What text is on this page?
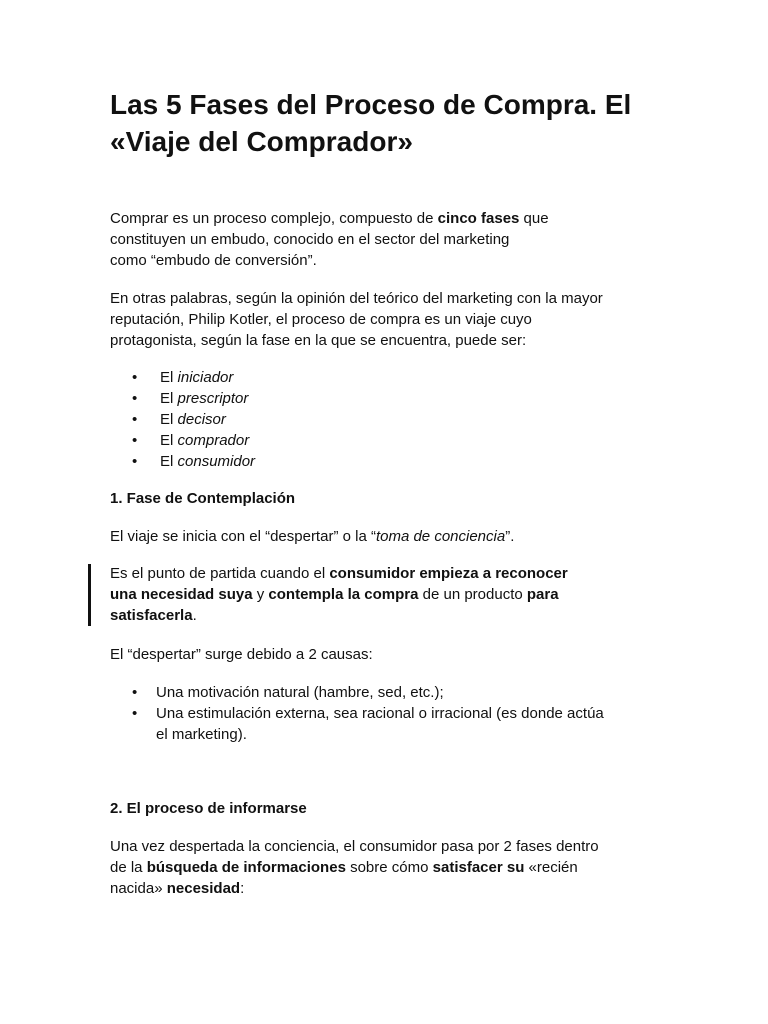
Las 5 Fases del Proceso de Compra. El
«Viaje del Comprador»

Comprar es un proceso complejo, compuesto de cinco fases que
constituyen un embudo, conocido en el sector del marketing
como “embudo de conversión”.

En otras palabras, según la opinión del teórico del marketing con la mayor
reputación, Philip Kotler, el proceso de compra es un viaje cuyo
protagonista, según la fase en la que se encuentra, puede ser:

• El iniciador
• El prescriptor
• El decisor
• El comprador
• El consumidor
1. Fase de Contemplación

El viaje se inicia con el “despertar” o la “toma de conciencia”.

Es el punto de partida cuando el consumidor empieza a reconocer
una necesidad suya y contempla la compra de un producto para
satisfacerla.

El “despertar” surge debido a 2 causas:

• Una motivación natural (hambre, sed, etc.);
• Una estimulación externa, sea racional o irracional (es donde actúa
el marketing).
2. El proceso de informarse

Una vez despertada la conciencia, el consumidor pasa por 2 fases dentro
de la búsqueda de informaciones sobre cómo satisfacer su «recién
nacida» necesidad:
